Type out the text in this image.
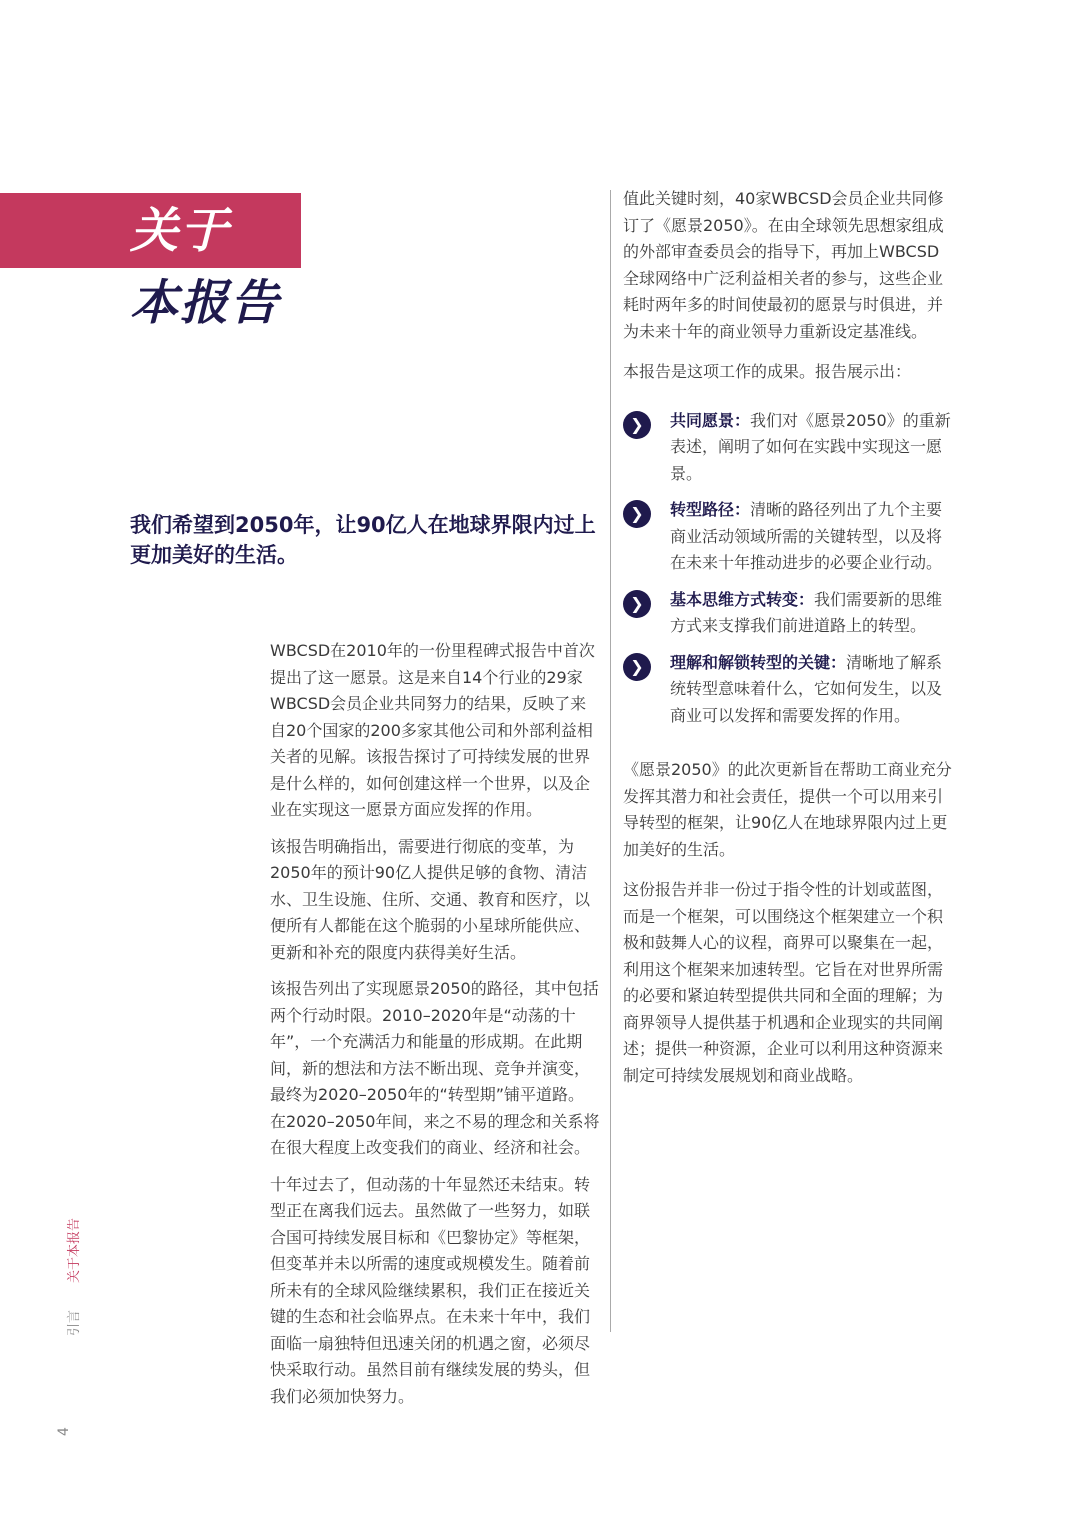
关于
本报告
我们希望到2050年，让90亿人在地球界限内过上更加美好的生活。

WBCSD在2010年的一份里程碑式报告中首次提出了这一愿景。这是来自14个行业的29家WBCSD会员企业共同努力的结果，反映了来自20个国家的200多家其他公司和外部利益相关者的见解。该报告探讨了可持续发展的世界是什么样的，如何创建这样一个世界，以及企业在实现这一愿景方面应发挥的作用。

该报告明确指出，需要进行彻底的变革，为2050年的预计90亿人提供足够的食物、清洁水、卫生设施、住所、交通、教育和医疗，以便所有人都能在这个脆弱的小星球所能供应、更新和补充的限度内获得美好生活。

该报告列出了实现愿景2050的路径，其中包括两个行动时限。2010–2020年是“动荡的十年”，一个充满活力和能量的形成期。在此期间，新的想法和方法不断出现、竞争并演变，最终为2020–2050年的“转型期”铺平道路。在2020–2050年间，来之不易的理念和关系将在很大程度上改变我们的商业、经济和社会。

十年过去了，但动荡的十年显然还未结束。转型正在离我们远去。虽然做了一些努力，如联合国可持续发展目标和《巴黎协定》等框架，但变革并未以所需的速度或规模发生。随着前所未有的全球风险继续累积，我们正在接近关键的生态和社会临界点。在未来十年中，我们面临一扇独特但迅速关闭的机遇之窗，必须尽快采取行动。虽然目前有继续发展的势头，但我们必须加快努力。

值此关键时刻，40家WBCSD会员企业共同修订了《愿景2050》。在由全球领先思想家组成的外部审查委员会的指导下，再加上WBCSD全球网络中广泛利益相关者的参与，这些企业耗时两年多的时间使最初的愿景与时俱进，并为未来十年的商业领导力重新设定基准线。

本报告是这项工作的成果。报告展示出：

❯	共同愿景：我们对《愿景2050》的重新表述，阐明了如何在实践中实现这一愿景。
❯	转型路径：清晰的路径列出了九个主要商业活动领域所需的关键转型，以及将在未来十年推动进步的必要企业行动。
❯	基本思维方式转变：我们需要新的思维方式来支撑我们前进道路上的转型。
❯	理解和解锁转型的关键：清晰地了解系统转型意味着什么，它如何发生，以及商业可以发挥和需要发挥的作用。

《愿景2050》的此次更新旨在帮助工商业充分发挥其潜力和社会责任，提供一个可以用来引导转型的框架，让90亿人在地球界限内过上更加美好的生活。

这份报告并非一份过于指令性的计划或蓝图，而是一个框架，可以围绕这个框架建立一个积极和鼓舞人心的议程，商界可以聚集在一起，利用这个框架来加速转型。它旨在对世界所需的必要和紧迫转型提供共同和全面的理解；为商界领导人提供基于机遇和企业现实的共同阐述；提供一种资源，企业可以利用这种资源来制定可持续发展规划和商业战略。

关于本报告
引言
4
